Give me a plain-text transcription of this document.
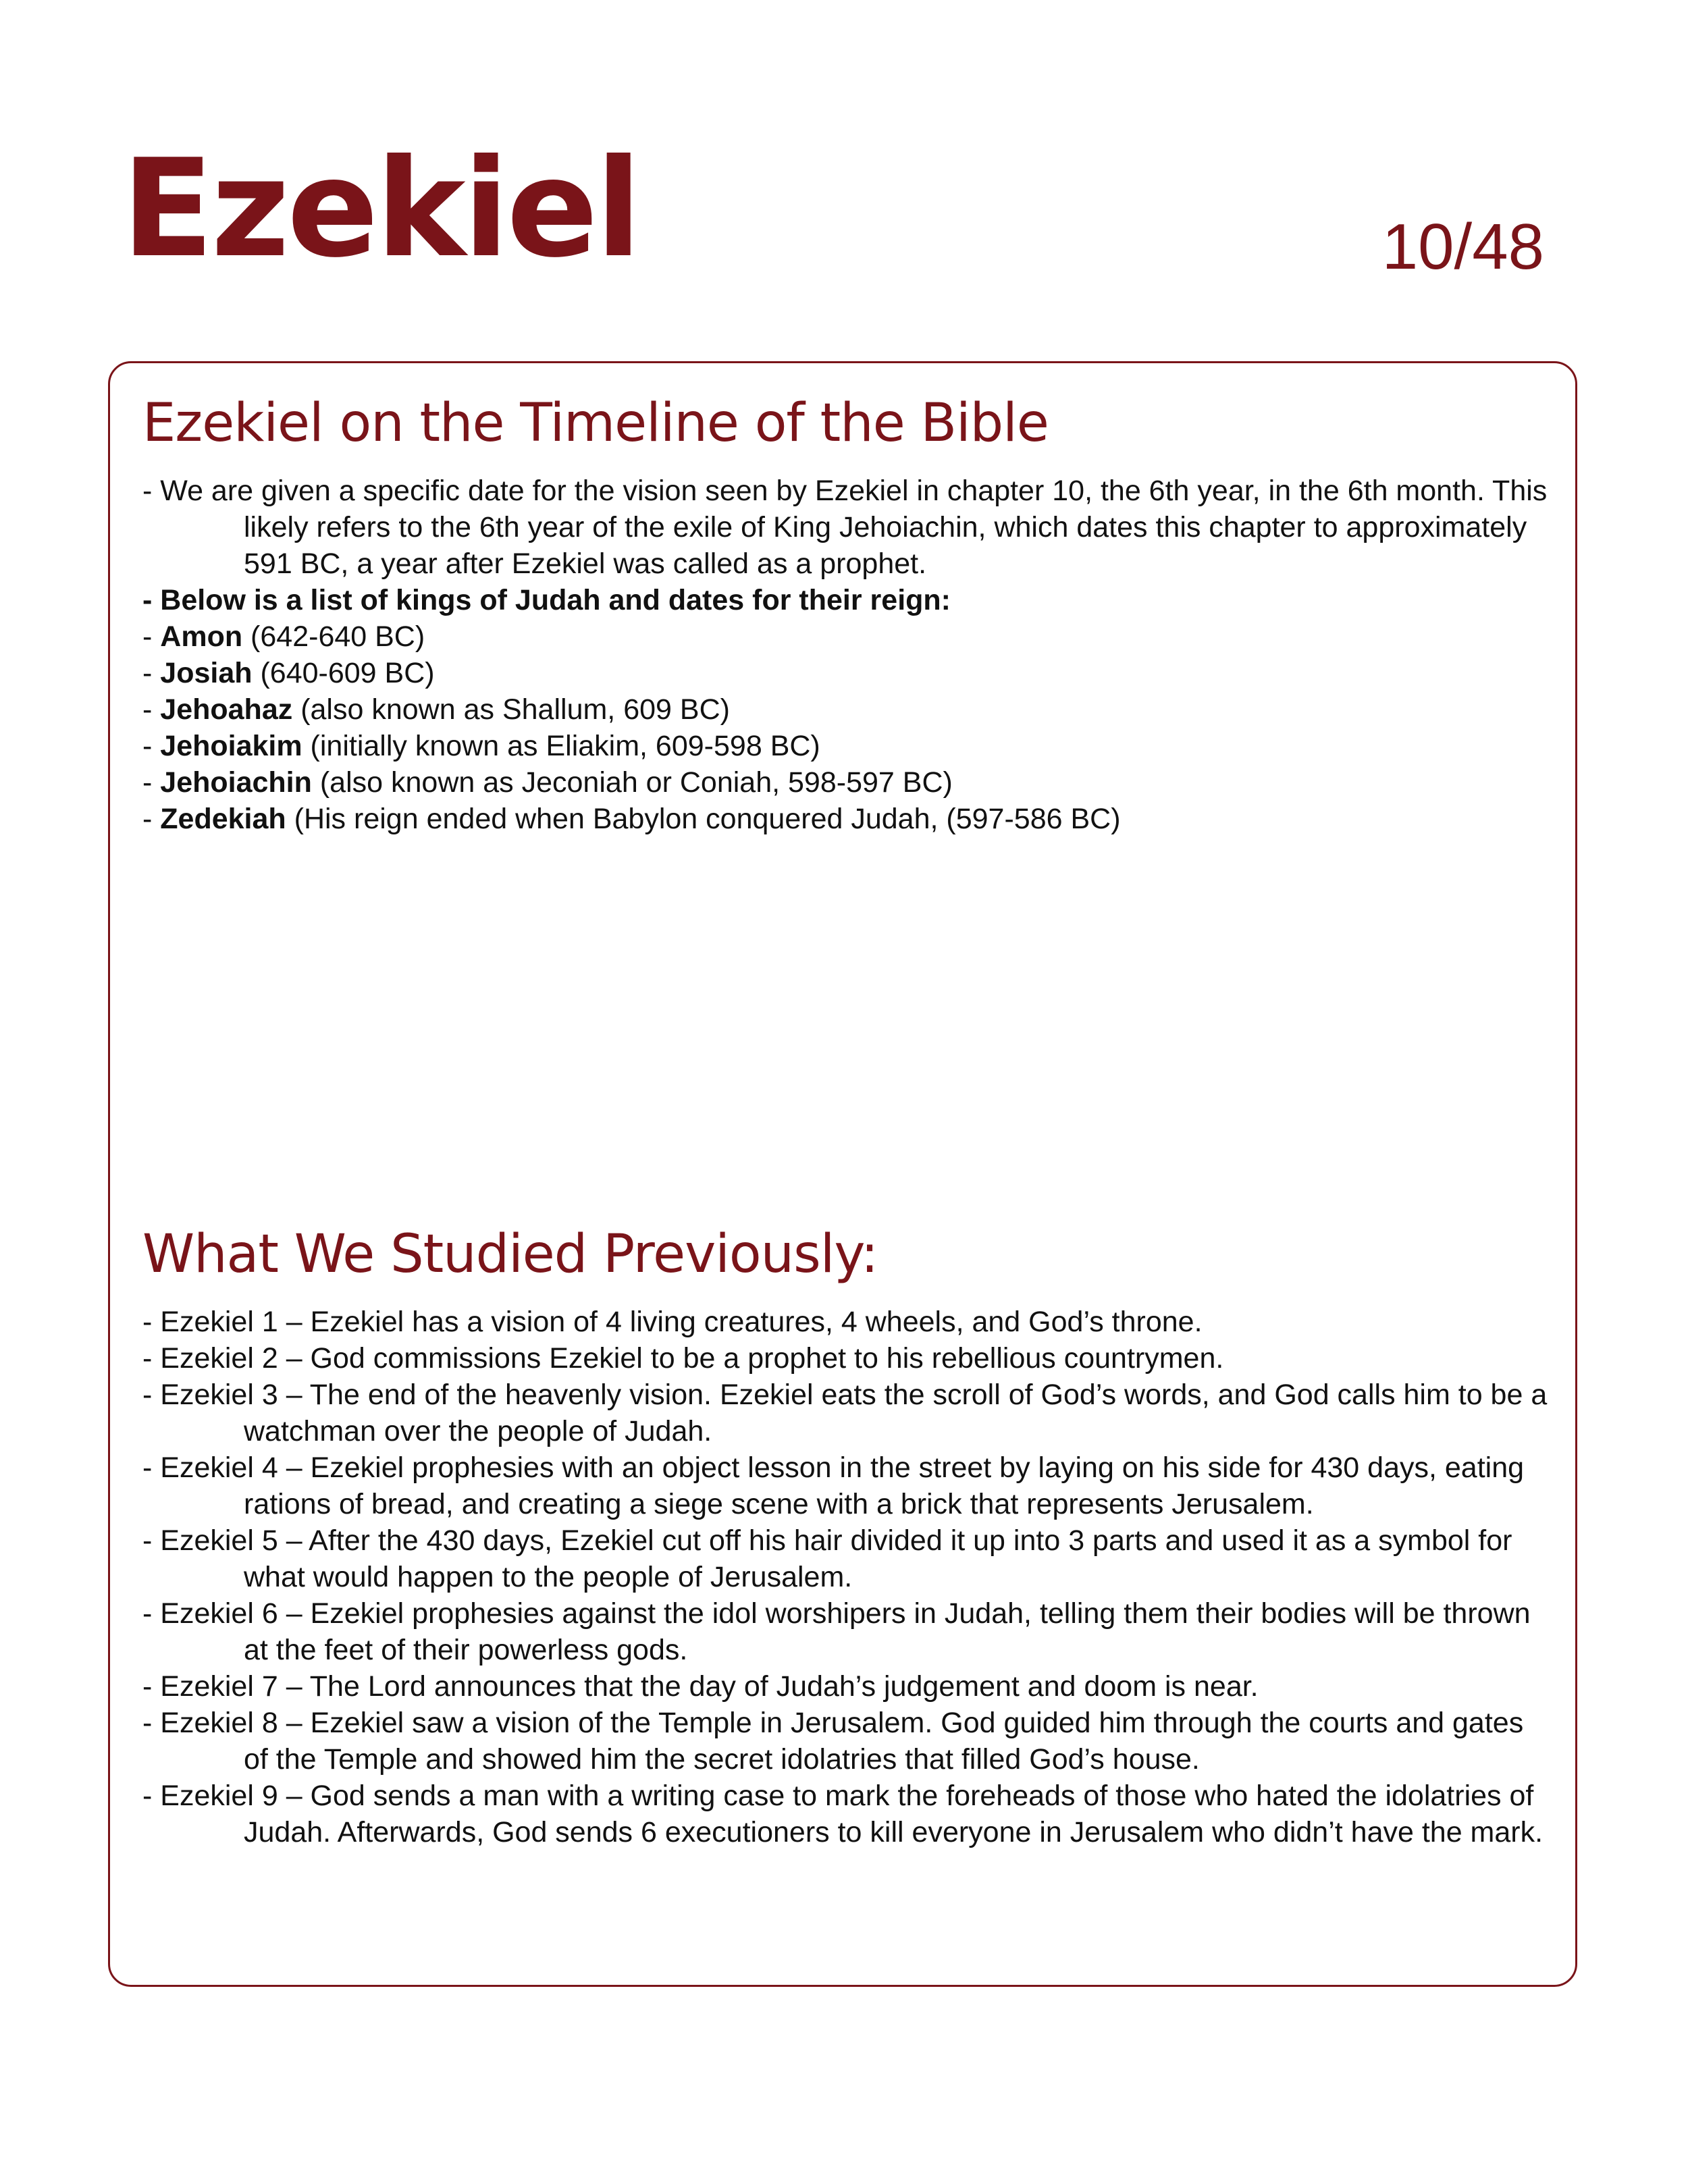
Ezekiel	10/48
Ezekiel on the Timeline of the Bible
- We are given a specific date for the vision seen by Ezekiel in chapter 10, the 6th year, in the 6th month. This likely refers to the 6th year of the exile of King Jehoiachin, which dates this chapter to approximately 591 BC, a year after Ezekiel was called as a prophet.
- Below is a list of kings of Judah and dates for their reign:
- Amon (642-640 BC)
- Josiah (640-609 BC)
- Jehoahaz (also known as Shallum, 609 BC)
- Jehoiakim (initially known as Eliakim, 609-598 BC)
- Jehoiachin (also known as Jeconiah or Coniah, 598-597 BC)
- Zedekiah (His reign ended when Babylon conquered Judah, (597-586 BC)
What We Studied Previously:
- Ezekiel 1 – Ezekiel has a vision of 4 living creatures, 4 wheels, and God’s throne.
- Ezekiel 2 – God commissions Ezekiel to be a prophet to his rebellious countrymen.
- Ezekiel 3 – The end of the heavenly vision. Ezekiel eats the scroll of God’s words, and God calls him to be a watchman over the people of Judah.
- Ezekiel 4 – Ezekiel prophesies with an object lesson in the street by laying on his side for 430 days, eating rations of bread, and creating a siege scene with a brick that represents Jerusalem.
- Ezekiel 5 – After the 430 days, Ezekiel cut off his hair divided it up into 3 parts and used it as a symbol for what would happen to the people of Jerusalem.
- Ezekiel 6 – Ezekiel prophesies against the idol worshipers in Judah, telling them their bodies will be thrown at the feet of their powerless gods.
- Ezekiel 7 – The Lord announces that the day of Judah’s judgement and doom is near.
- Ezekiel 8 – Ezekiel saw a vision of the Temple in Jerusalem. God guided him through the courts and gates of the Temple and showed him the secret idolatries that filled God’s house.
- Ezekiel 9 – God sends a man with a writing case to mark the foreheads of those who hated the idolatries of Judah. Afterwards, God sends 6 executioners to kill everyone in Jerusalem who didn’t have the mark.
